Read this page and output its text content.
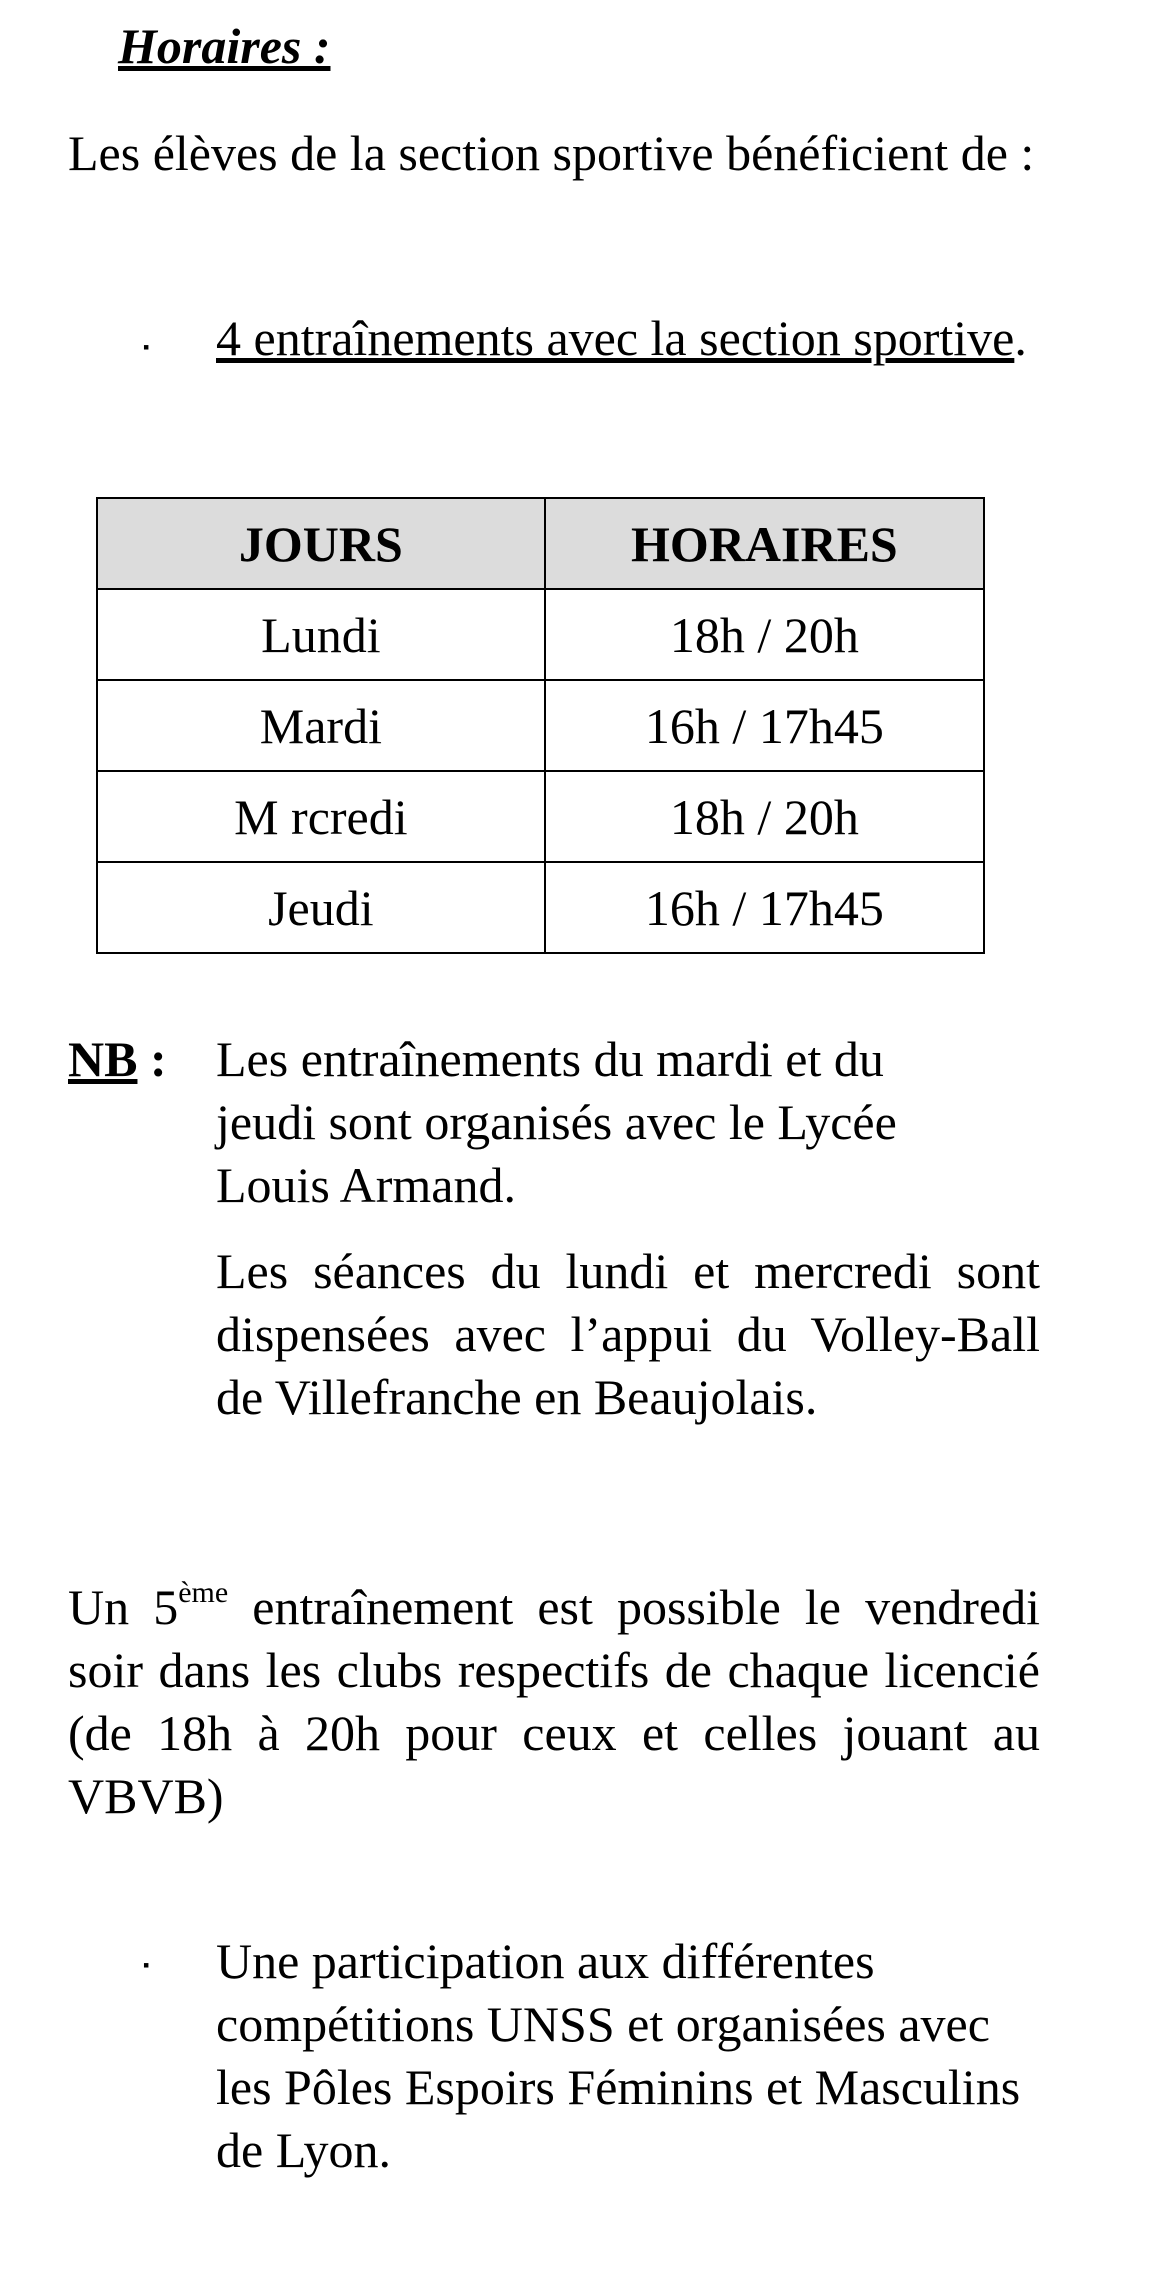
Horaires :

Les élèves de la section sportive bénéficient de :

▪ 4 entraînements avec la section sportive.

JOURS	HORAIRES
Lundi	18h / 20h
Mardi	16h / 17h45
M rcredi	18h / 20h
Jeudi	16h / 17h45

NB : Les entraînements du mardi et du jeudi sont organisés avec le Lycée Louis Armand.

Les séances du lundi et mercredi sont dispensées avec l’appui du Volley-Ball de Villefranche en Beaujolais.

Un 5ème entraînement est possible le vendredi soir dans les clubs respectifs de chaque licencié (de 18h à 20h pour ceux et celles jouant au VBVB)

▪ Une participation aux différentes compétitions UNSS et organisées avec les Pôles Espoirs Féminins et Masculins de Lyon.
